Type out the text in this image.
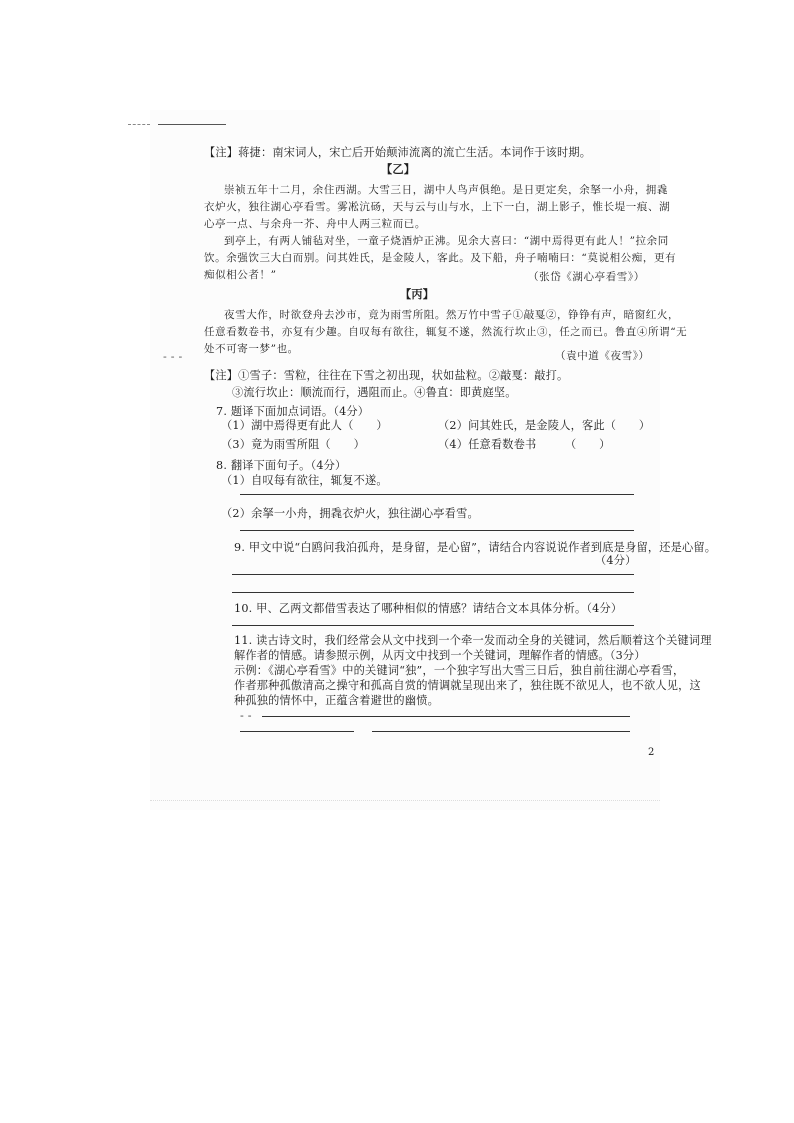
【注】蒋捷：南宋词人，宋亡后开始颠沛流离的流亡生活。本词作于该时期。
【乙】
崇祯五年十二月，余住西湖。大雪三日，湖中人鸟声俱绝。是日更定矣，余拏一小舟，拥毳
衣炉火，独往湖心亭看雪。雾凇沆砀，天与云与山与水，上下一白，湖上影子，惟长堤一痕、湖
心亭一点、与余舟一芥、舟中人两三粒而已。
到亭上，有两人铺毡对坐，一童子烧酒炉正沸。见余大喜曰：“湖中焉得更有此人！”拉余同
饮。余强饮三大白而别。问其姓氏，是金陵人，客此。及下船，舟子喃喃曰：“莫说相公痴，更有
痴似相公者！”	（张岱《湖心亭看雪》）
【丙】
夜雪大作，时欲登舟去沙市，竟为雨雪所阻。然万竹中雪子①敲戛②，铮铮有声，暗窗红火，
任意看数卷书，亦复有少趣。自叹每有欲往，辄复不遂，然流行坎止③，任之而已。鲁直④所谓“无
处不可寄一梦”也。
- - -	（袁中道《夜雪》）
【注】①雪子：雪粒，往往在下雪之初出现，状如盐粒。②敲戛：敲打。
③流行坎止：顺流而行，遇阻而止。④鲁直：即黄庭坚。
7. 题译下面加点词语。（4分）
（1）湖中焉得更有此人（　　）	（2）问其姓氏，是金陵人，客此（　　）
（3）竟为雨雪所阻（　　）	（4）任意看数卷书　　　（　　）
8. 翻译下面句子。（4分）
（1）自叹每有欲往，辄复不遂。
（2）余拏一小舟，拥毳衣炉火，独往湖心亭看雪。
9. 甲文中说“白鸥问我泊孤舟，是身留，是心留”，请结合内容说说作者到底是身留，还是心留。
（4分）
10. 甲、乙两文都借雪表达了哪种相似的情感？请结合文本具体分析。（4分）
11. 读古诗文时，我们经常会从文中找到一个牵一发而动全身的关键词，然后顺着这个关键词理
解作者的情感。请参照示例，从丙文中找到一个关键词，理解作者的情感。（3分）
示例：《湖心亭看雪》中的关键词“独”，一个独字写出大雪三日后，独自前往湖心亭看雪，
作者那种孤傲清高之操守和孤高自赏的情调就呈现出来了，独往既不欲见人，也不欲人见，这
种孤独的情怀中，正蕴含着避世的幽愤。
- -
2
